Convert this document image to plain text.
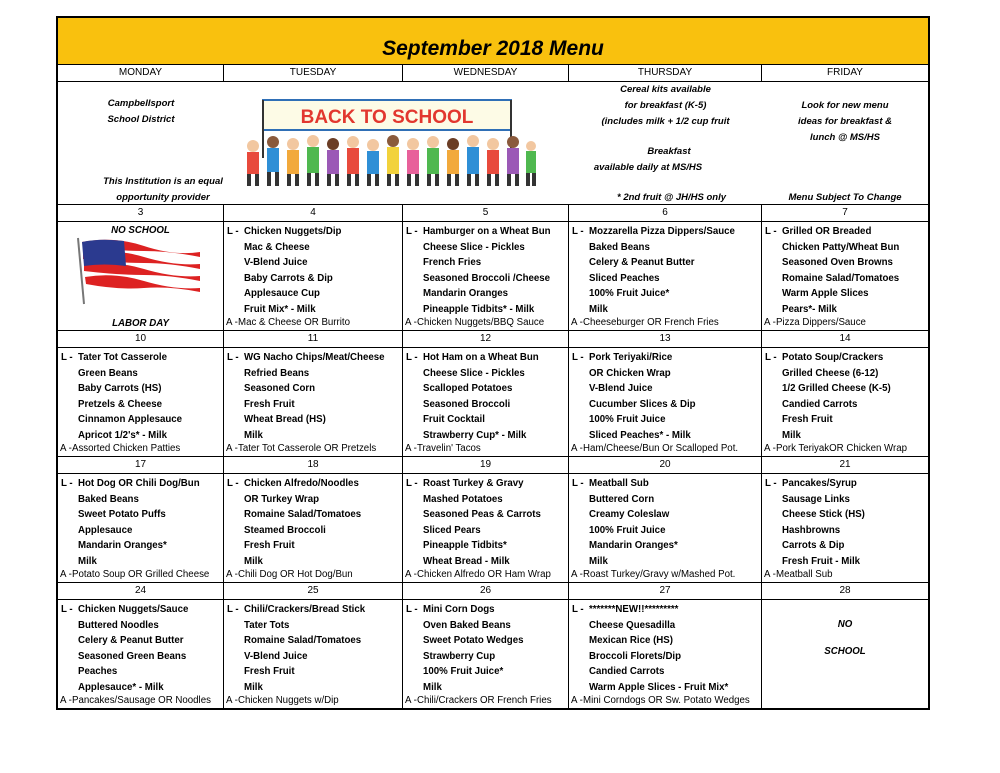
September 2018 Menu
MONDAY	TUESDAY	WEDNESDAY	THURSDAY	FRIDAY
Campbellsport
School District
This Institution is an equal
opportunity provider
BACK TO SCHOOL
Cereal kits available
for breakfast (K-5)
(includes milk + 1/2 cup fruit
Breakfast
available daily at MS/HS
* 2nd fruit @ JH/HS only
Look for new menu
ideas for breakfast &
lunch @ MS/HS
Menu Subject To Change
3	4	5	6	7
NO SCHOOL
LABOR DAY
L - Chicken Nuggets/Dip
Mac & Cheese
V-Blend Juice
Baby Carrots & Dip
Applesauce Cup
Fruit Mix* - Milk
A - Mac & Cheese OR Burrito
L - Hamburger on a Wheat Bun
Cheese Slice - Pickles
French Fries
Seasoned Broccoli /Cheese
Mandarin Oranges
Pineapple Tidbits* - Milk
A - Chicken Nuggets/BBQ Sauce
L - Mozzarella Pizza Dippers/Sauce
Baked Beans
Celery & Peanut Butter
Sliced Peaches
100% Fruit Juice*
Milk
A - Cheeseburger OR French Fries
L - Grilled OR Breaded
Chicken Patty/Wheat Bun
Seasoned Oven Browns
Romaine Salad/Tomatoes
Warm Apple Slices
Pears*- Milk
A - Pizza Dippers/Sauce
10	11	12	13	14
L - Tater Tot Casserole
Green Beans
Baby Carrots (HS)
Pretzels & Cheese
Cinnamon Applesauce
Apricot 1/2's* - Milk
A - Assorted Chicken Patties
L - WG Nacho Chips/Meat/Cheese
Refried Beans
Seasoned Corn
Fresh Fruit
Wheat Bread (HS)
Milk
A - Tater Tot Casserole OR Pretzels
L - Hot Ham on a Wheat Bun
Cheese Slice - Pickles
Scalloped Potatoes
Seasoned Broccoli
Fruit Cocktail
Strawberry Cup* - Milk
A - Travelin' Tacos
L - Pork Teriyaki/Rice
OR Chicken Wrap
V-Blend Juice
Cucumber Slices & Dip
100% Fruit Juice
Sliced Peaches* - Milk
A - Ham/Cheese/Bun Or Scalloped Pot.
L - Potato Soup/Crackers
Grilled Cheese (6-12)
1/2 Grilled Cheese (K-5)
Candied Carrots
Fresh Fruit
Milk
A - Pork TeriyakOR Chicken Wrap
17	18	19	20	21
L - Hot Dog OR Chili Dog/Bun
Baked Beans
Sweet Potato Puffs
Applesauce
Mandarin Oranges*
Milk
A - Potato Soup OR Grilled Cheese
L - Chicken Alfredo/Noodles
OR Turkey Wrap
Romaine Salad/Tomatoes
Steamed Broccoli
Fresh Fruit
Milk
A - Chili Dog OR Hot Dog/Bun
L - Roast Turkey & Gravy
Mashed Potatoes
Seasoned Peas & Carrots
Sliced Pears
Pineapple Tidbits*
Wheat Bread - Milk
A - Chicken Alfredo OR Ham Wrap
L - Meatball Sub
Buttered Corn
Creamy Coleslaw
100% Fruit Juice
Mandarin Oranges*
Milk
A - Roast Turkey/Gravy w/Mashed Pot.
L - Pancakes/Syrup
Sausage Links
Cheese Stick (HS)
Hashbrowns
Carrots & Dip
Fresh Fruit - Milk
A - Meatball Sub
24	25	26	27	28
L - Chicken Nuggets/Sauce
Buttered Noodles
Celery & Peanut Butter
Seasoned Green Beans
Peaches
Applesauce* - Milk
A - Pancakes/Sausage OR Noodles
L - Chili/Crackers/Bread Stick
Tater Tots
Romaine Salad/Tomatoes
V-Blend Juice
Fresh Fruit
Milk
A - Chicken Nuggets w/Dip
L - Mini Corn Dogs
Oven Baked Beans
Sweet Potato Wedges
Strawberry Cup
100% Fruit Juice*
Milk
A - Chili/Crackers OR French Fries
L - *******NEW!!*********
Cheese Quesadilla
Mexican Rice (HS)
Broccoli Florets/Dip
Candied Carrots
Warm Apple Slices - Fruit Mix*
A - Mini Corndogs OR Sw. Potato Wedges
NO
SCHOOL
